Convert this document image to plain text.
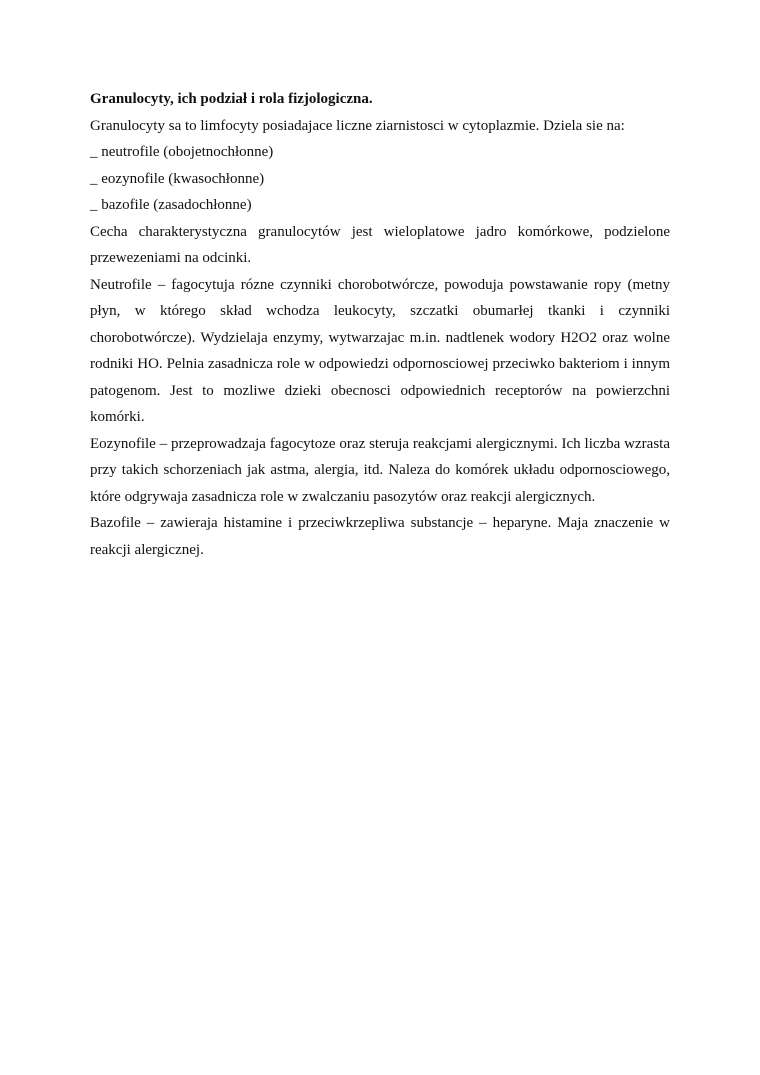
Granulocyty, ich podział i rola fizjologiczna.

Granulocyty sa to limfocyty posiadajace liczne ziarnistosci w cytoplazmie. Dziela sie na:

_ neutrofile (obojetnochłonne)

_ eozynofile (kwasochłonne)

_ bazofile (zasadochłonne)

Cecha charakterystyczna granulocytów jest wieloplatowe jadro komórkowe, podzielone przewezeniami na odcinki.

Neutrofile – fagocytuja rózne czynniki chorobotwórcze, powoduja powstawanie ropy (metny płyn, w którego skład wchodza leukocyty, szczatki obumarłej tkanki i czynniki chorobotwórcze). Wydzielaja enzymy, wytwarzajac m.in. nadtlenek wodory H2O2 oraz wolne rodniki HO. Pelnia zasadnicza role w odpowiedzi odpornosciowej przeciwko bakteriom i innym patogenom. Jest to mozliwe dzieki obecnosci odpowiednich receptorów na powierzchni komórki.

Eozynofile – przeprowadzaja fagocytoze oraz steruja reakcjami alergicznymi. Ich liczba wzrasta przy takich schorzeniach jak astma, alergia, itd. Naleza do komórek układu odpornosciowego, które odgrywaja zasadnicza role w zwalczaniu pasozytów oraz reakcji alergicznych.

Bazofile – zawieraja histamine i przeciwkrzepliwa substancje – heparyne. Maja znaczenie w reakcji alergicznej.
